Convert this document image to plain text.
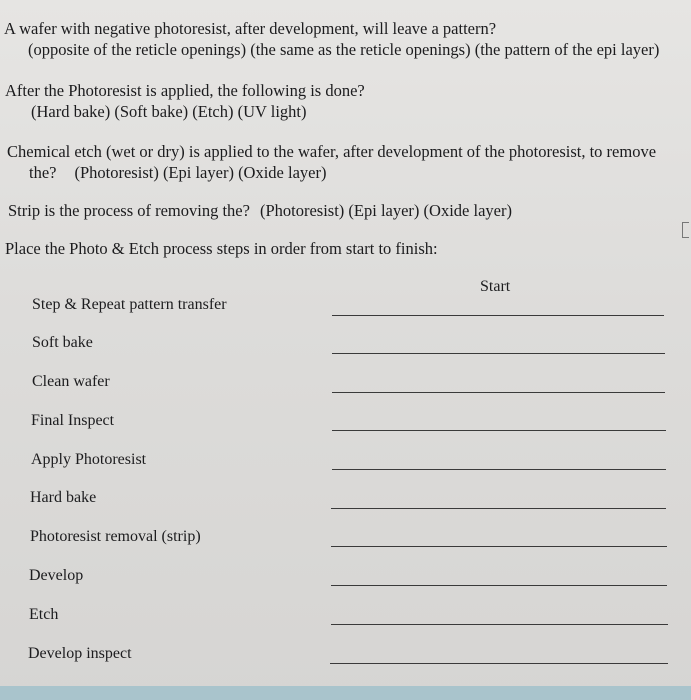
A wafer with negative photoresist, after development, will leave a pattern?
(opposite of the reticle openings) (the same as the reticle openings) (the pattern of the epi layer)
After the Photoresist is applied, the following is done?
(Hard bake) (Soft bake) (Etch) (UV light)
Chemical etch (wet or dry) is applied to the wafer, after development of the photoresist, to remove
the? (Photoresist) (Epi layer) (Oxide layer)
Strip is the process of removing the? (Photoresist) (Epi layer) (Oxide layer)
Place the Photo & Etch process steps in order from start to finish:
Start
Step & Repeat pattern transfer
Soft bake
Clean wafer
Final Inspect
Apply Photoresist
Hard bake
Photoresist removal (strip)
Develop
Etch
Develop inspect
